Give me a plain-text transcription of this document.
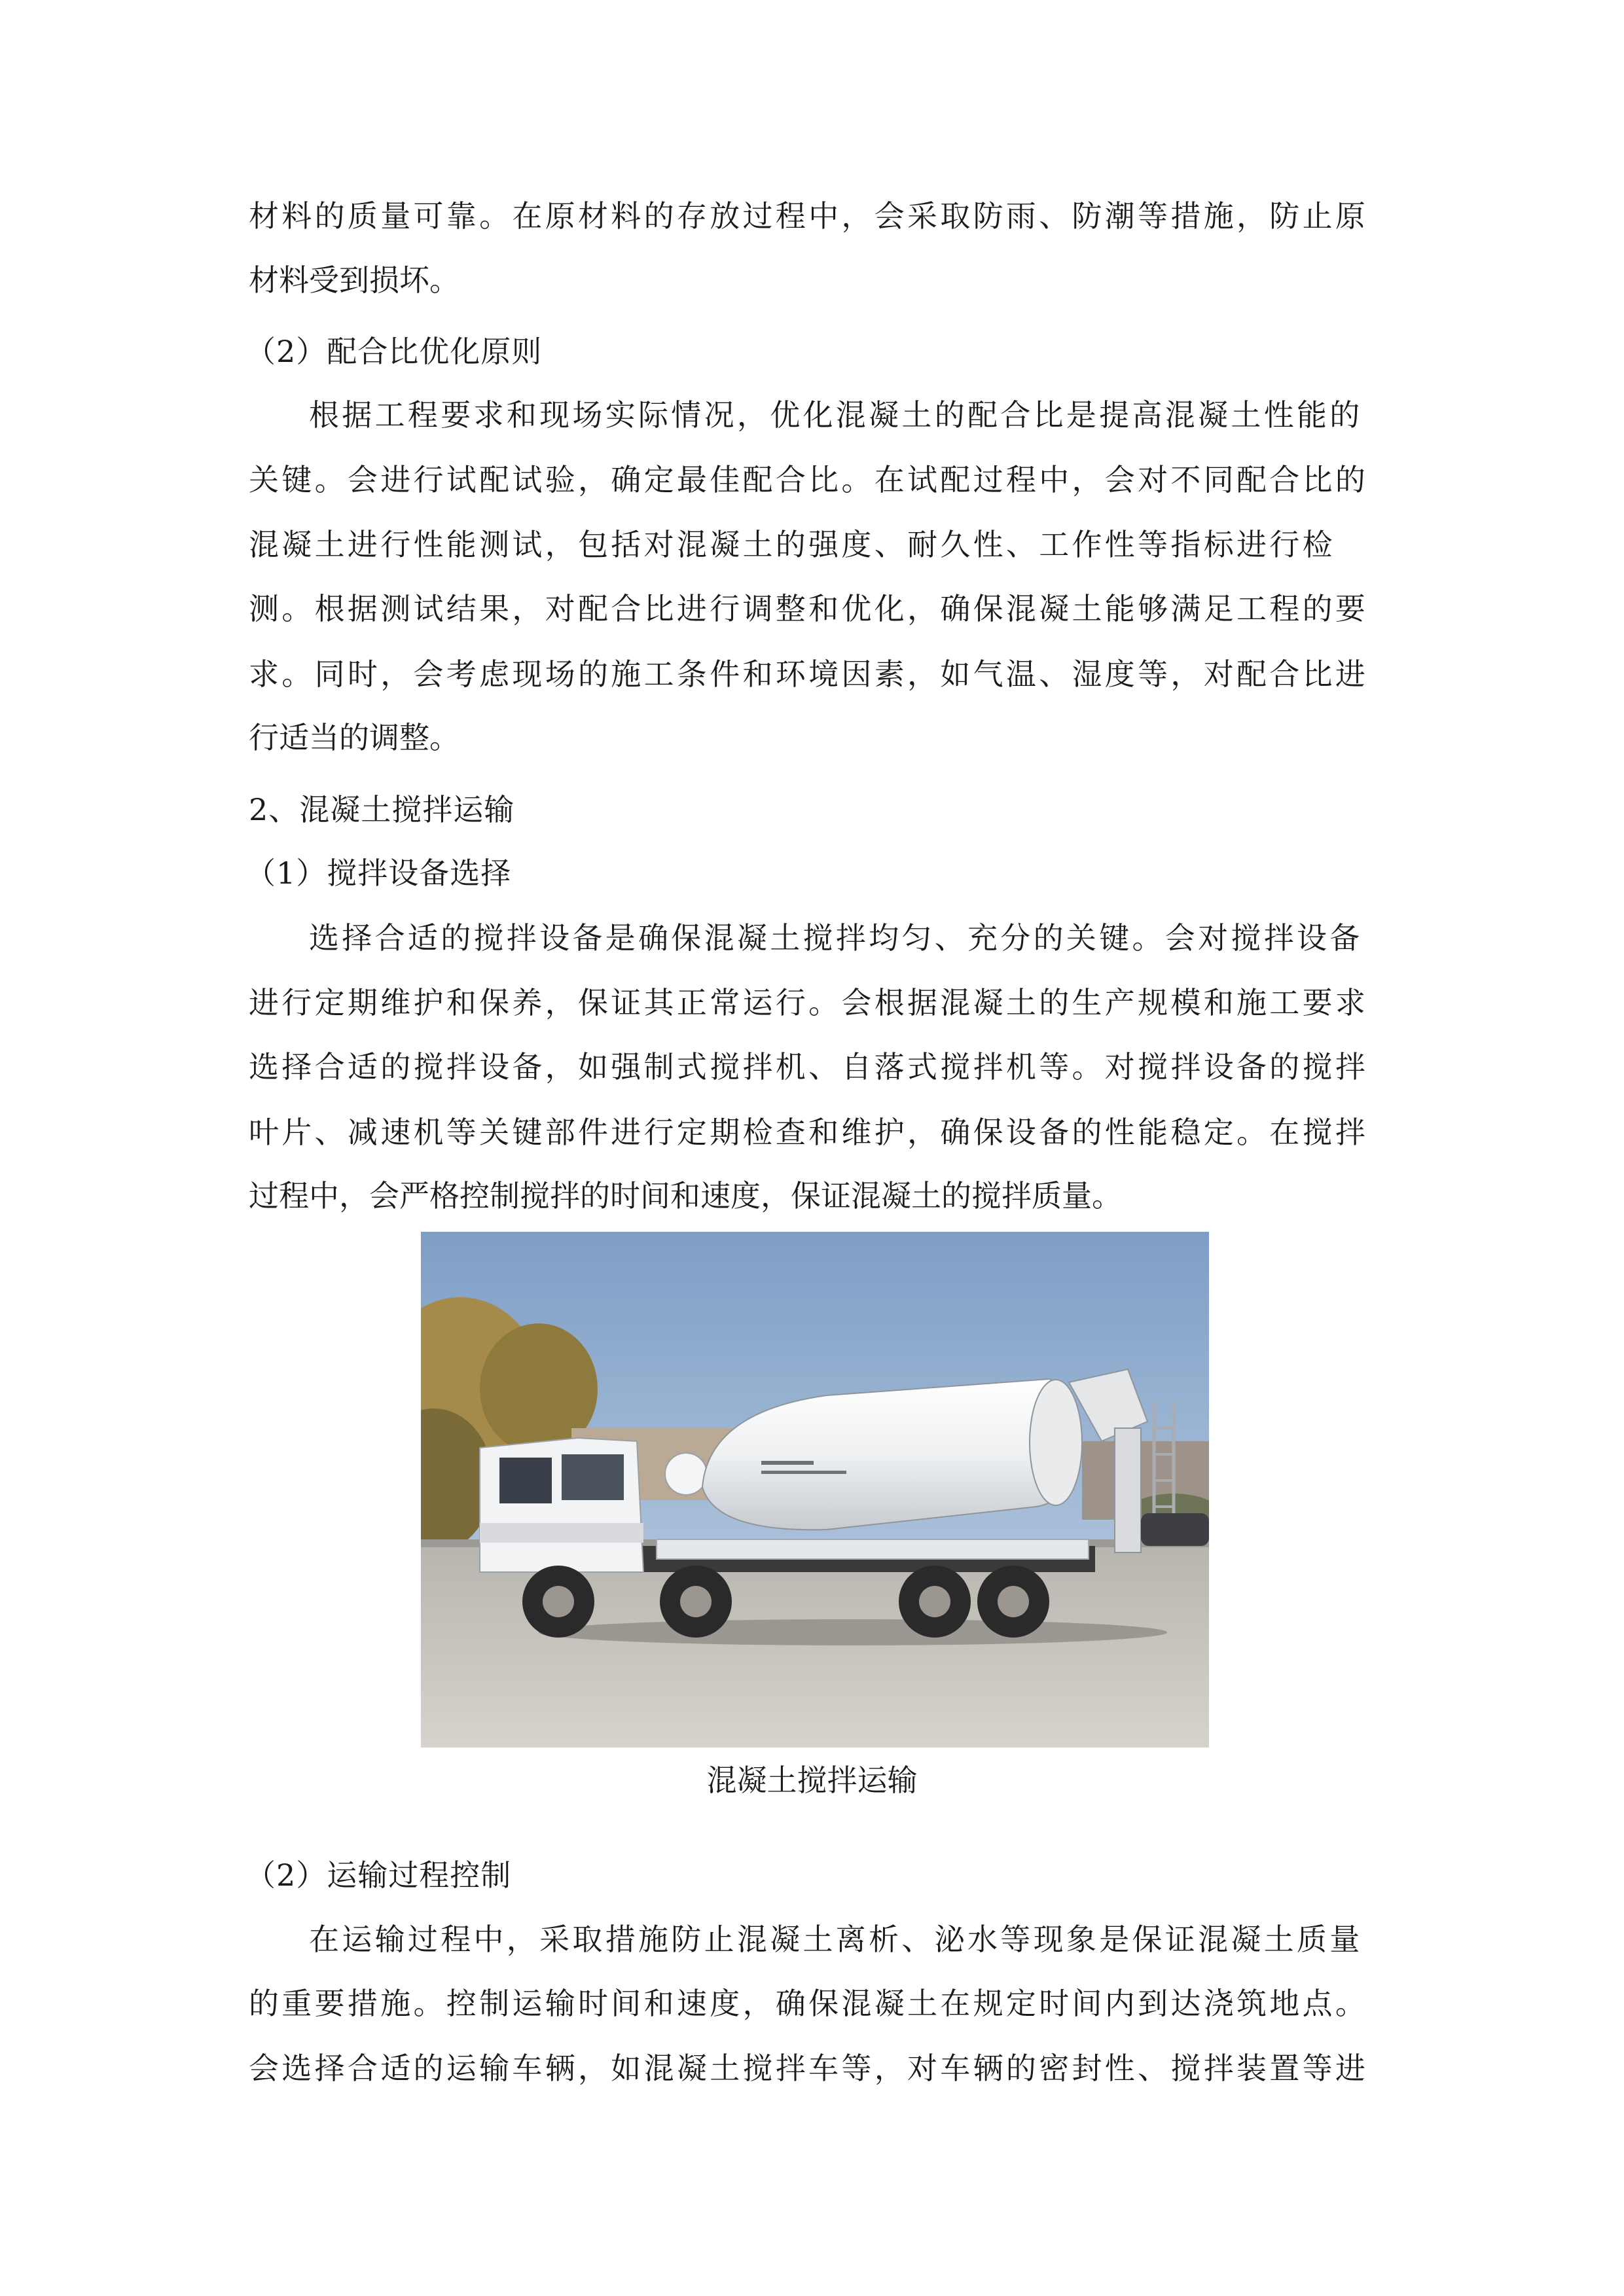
材料的质量可靠。在原材料的存放过程中，会采取防雨、防潮等措施，防止原

材料受到损坏。

（2）配合比优化原则

根据工程要求和现场实际情况，优化混凝土的配合比是提高混凝土性能的

关键。会进行试配试验，确定最佳配合比。在试配过程中，会对不同配合比的

混凝土进行性能测试，包括对混凝土的强度、耐久性、工作性等指标进行检

测。根据测试结果，对配合比进行调整和优化，确保混凝土能够满足工程的要

求。同时，会考虑现场的施工条件和环境因素，如气温、湿度等，对配合比进

行适当的调整。

2、混凝土搅拌运输

（1）搅拌设备选择

选择合适的搅拌设备是确保混凝土搅拌均匀、充分的关键。会对搅拌设备

进行定期维护和保养，保证其正常运行。会根据混凝土的生产规模和施工要求

选择合适的搅拌设备，如强制式搅拌机、自落式搅拌机等。对搅拌设备的搅拌

叶片、减速机等关键部件进行定期检查和维护，确保设备的性能稳定。在搅拌

过程中，会严格控制搅拌的时间和速度，保证混凝土的搅拌质量。

混凝土搅拌运输

（2）运输过程控制

在运输过程中，采取措施防止混凝土离析、泌水等现象是保证混凝土质量

的重要措施。控制运输时间和速度，确保混凝土在规定时间内到达浇筑地点。

会选择合适的运输车辆，如混凝土搅拌车等，对车辆的密封性、搅拌装置等进
